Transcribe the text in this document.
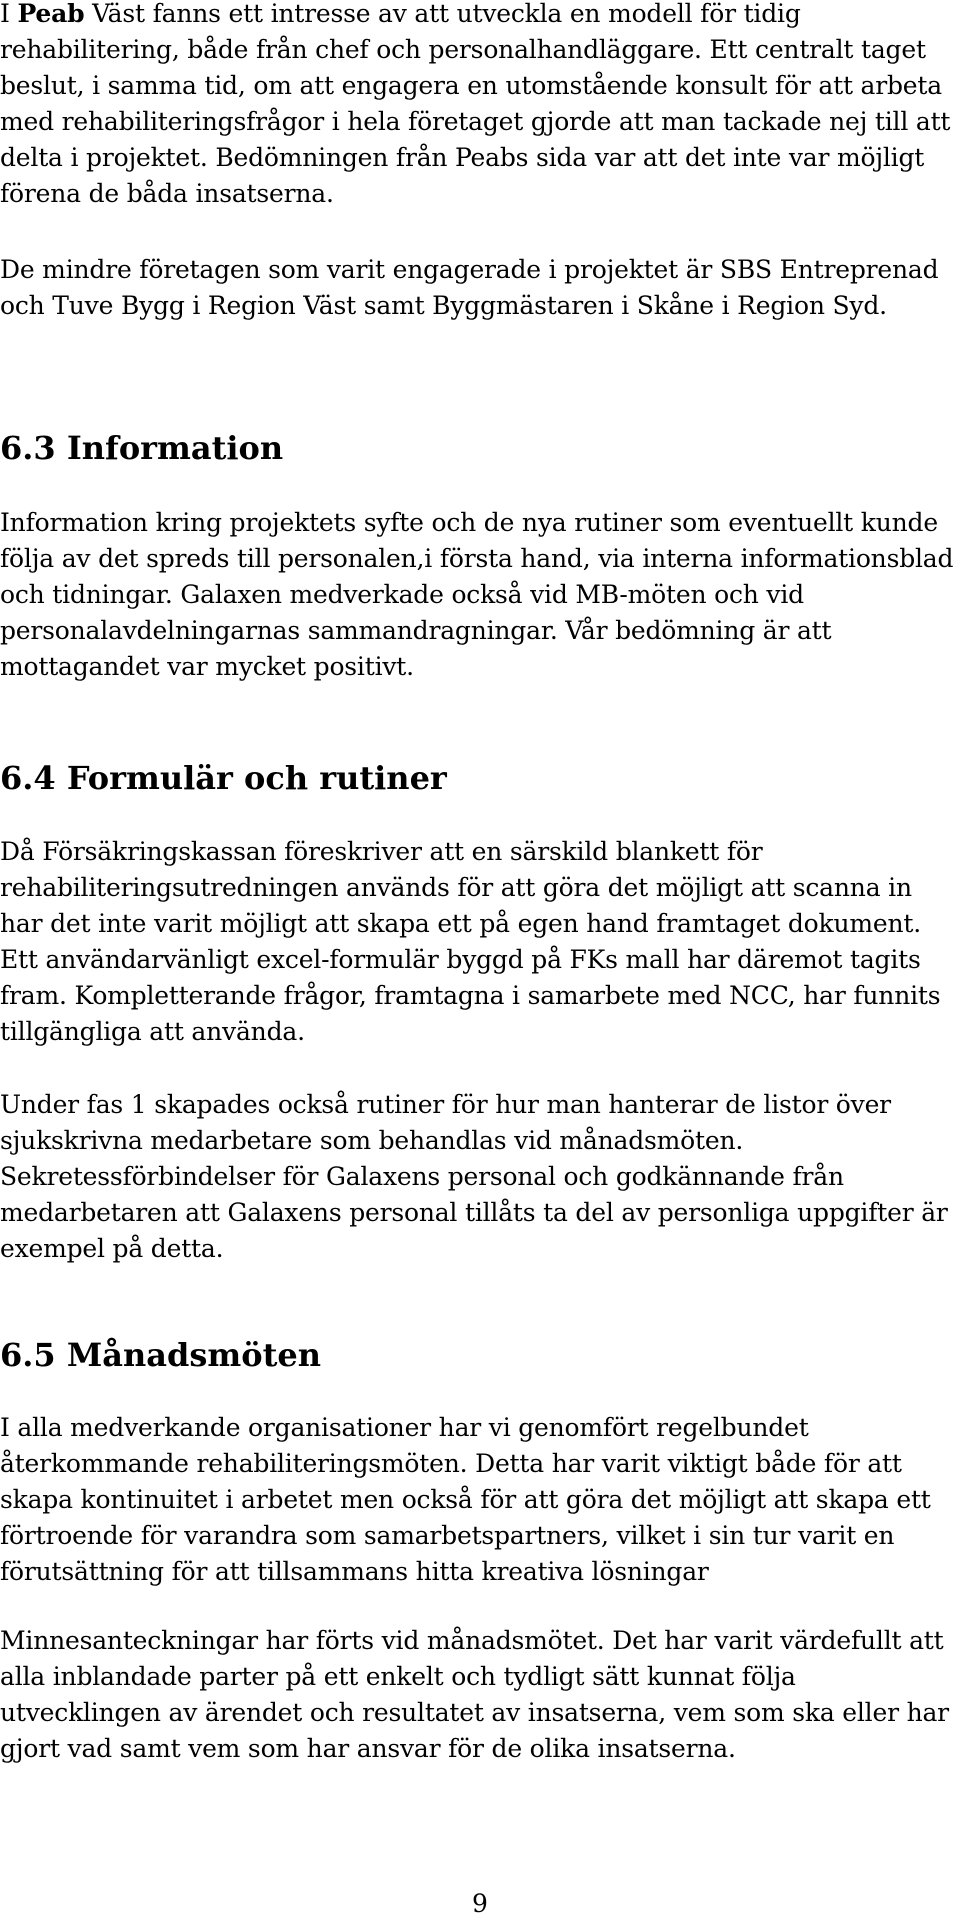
I Peab Väst fanns ett intresse av att utveckla en modell för tidig rehabilitering, både från chef och personalhandläggare. Ett centralt taget beslut, i samma tid, om att engagera en utomstående konsult för att arbeta med rehabiliteringsfrågor i hela företaget gjorde att man tackade nej till att delta i projektet. Bedömningen från Peabs sida var att det inte var möjligt förena de båda insatserna.

De mindre företagen som varit engagerade i projektet är SBS Entreprenad och Tuve Bygg i Region Väst samt Byggmästaren i Skåne i Region Syd.

6.3 Information

Information kring projektets syfte och de nya rutiner som eventuellt kunde följa av det spreds till personalen,i första hand, via interna informationsblad och tidningar. Galaxen medverkade också vid MB-möten och vid personalavdelningarnas sammandragningar. Vår bedömning är att mottagandet var mycket positivt.

6.4 Formulär och rutiner

Då Försäkringskassan föreskriver att en särskild blankett för rehabiliteringsutredningen används för att göra det möjligt att scanna in har det inte varit möjligt att skapa ett på egen hand framtaget dokument. Ett användarvänligt excel-formulär byggd på FKs mall har däremot tagits fram. Kompletterande frågor, framtagna i samarbete med NCC, har funnits tillgängliga att använda.

Under fas 1 skapades också rutiner för hur man hanterar de listor över sjukskrivna medarbetare som behandlas vid månadsmöten. Sekretessförbindelser för Galaxens personal och godkännande från medarbetaren att Galaxens personal tillåts ta del av personliga uppgifter är exempel på detta.

6.5 Månadsmöten

I alla medverkande organisationer har vi genomfört regelbundet återkommande rehabiliteringsmöten. Detta har varit viktigt både för att skapa kontinuitet i arbetet men också för att göra det möjligt att skapa ett förtroende för varandra som samarbetspartners, vilket i sin tur varit en förutsättning för att tillsammans hitta kreativa lösningar

Minnesanteckningar har förts vid månadsmötet. Det har varit värdefullt att alla inblandade parter på ett enkelt och tydligt sätt kunnat följa utvecklingen av ärendet och resultatet av insatserna, vem som ska eller har gjort vad samt vem som har ansvar för de olika insatserna.

9
